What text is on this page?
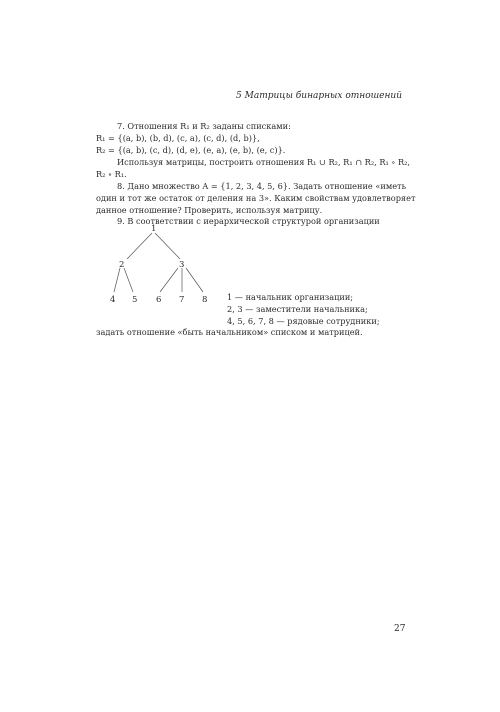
5 Матрицы бинарных отношений
7. Отношения R₁ и R₂ заданы списками:
R₁ = {(a, b), (b, d), (c, a), (c, d), (d, b)},
R₂ = {(a, b), (c, d), (d, e), (e, a), (e, b), (e, c)}.
Используя матрицы, построить отношения R₁ ∪ R₂, R₁ ∩ R₂, R₁ ∘ R₂,
R₂ ∘ R₁.
8. Дано множество A = {1, 2, 3, 4, 5, 6}. Задать отношение «иметь
один и тот же остаток от деления на 3». Каким свойствам удовлетворяет
данное отношение? Проверить, используя матрицу.
9. В соответствии с иерархической структурой организации
1
2	3
4 5 6 7 8 1 — начальник организации;
2, 3 — заместители начальника;
4, 5, 6, 7, 8 — рядовые сотрудники;
задать отношение «быть начальником» списком и матрицей.
27
